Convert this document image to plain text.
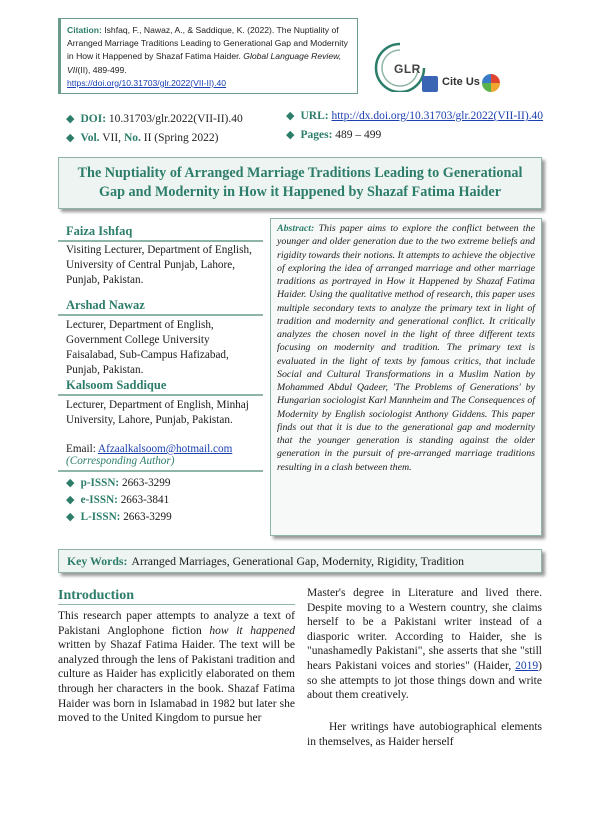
Citation: Ishfaq, F., Nawaz, A., & Saddique, K. (2022). The Nuptiality of Arranged Marriage Traditions Leading to Generational Gap and Modernity in How it Happened by Shazaf Fatima Haider. Global Language Review, VII(II), 489-499.
https://doi.org/10.31703/glr.2022(VII-II).40
GLR
Cite Us
◆ DOI: 10.31703/glr.2022(VII-II).40	◆ URL: http://dx.doi.org/10.31703/glr.2022(VII-II).40
◆ Vol. VII, No. II (Spring 2022)	◆ Pages: 489 – 499
The Nuptiality of Arranged Marriage Traditions Leading to Generational Gap and Modernity in How it Happened by Shazaf Fatima Haider
Faiza Ishfaq
Visiting Lecturer, Department of English, University of Central Punjab, Lahore, Punjab, Pakistan.
Arshad Nawaz
Lecturer, Department of English, Government College University Faisalabad, Sub-Campus Hafizabad, Punjab, Pakistan.
Kalsoom Saddique
Lecturer, Department of English, Minhaj University, Lahore, Punjab, Pakistan.
Email: Afzaalkalsoom@hotmail.com
(Corresponding Author)
◆ p-ISSN: 2663-3299
◆ e-ISSN: 2663-3841
◆ L-ISSN: 2663-3299
Abstract: This paper aims to explore the conflict between the younger and older generation due to the two extreme beliefs and rigidity towards their notions. It attempts to achieve the objective of exploring the idea of arranged marriage and other marriage traditions as portrayed in How it Happened by Shazaf Fatima Haider. Using the qualitative method of research, this paper uses multiple secondary texts to analyze the primary text in light of tradition and modernity and generational conflict. It critically analyzes the chosen novel in the light of three different texts focusing on modernity and tradition. The primary text is evaluated in the light of texts by famous critics, that include Social and Cultural Transformations in a Muslim Nation by Mohammed Abdul Qadeer, 'The Problems of Generations' by Hungarian sociologist Karl Mannheim and The Consequences of Modernity by English sociologist Anthony Giddens. This paper finds out that it is due to the generational gap and modernity that the younger generation is standing against the older generation in the pursuit of pre-arranged marriage traditions resulting in a clash between them.
Key Words: Arranged Marriages, Generational Gap, Modernity, Rigidity, Tradition
Introduction
This research paper attempts to analyze a text of Pakistani Anglophone fiction how it happened written by Shazaf Fatima Haider. The text will be analyzed through the lens of Pakistani tradition and culture as Haider has explicitly elaborated on them through her characters in the book. Shazaf Fatima Haider was born in Islamabad in 1982 but later she moved to the United Kingdom to pursue her
Master's degree in Literature and lived there. Despite moving to a Western country, she claims herself to be a Pakistani writer instead of a diasporic writer. According to Haider, she is "unashamedly Pakistani", she asserts that she "still hears Pakistani voices and stories" (Haider, 2019) so she attempts to jot those things down and write about them creatively.
Her writings have autobiographical elements in themselves, as Haider herself
